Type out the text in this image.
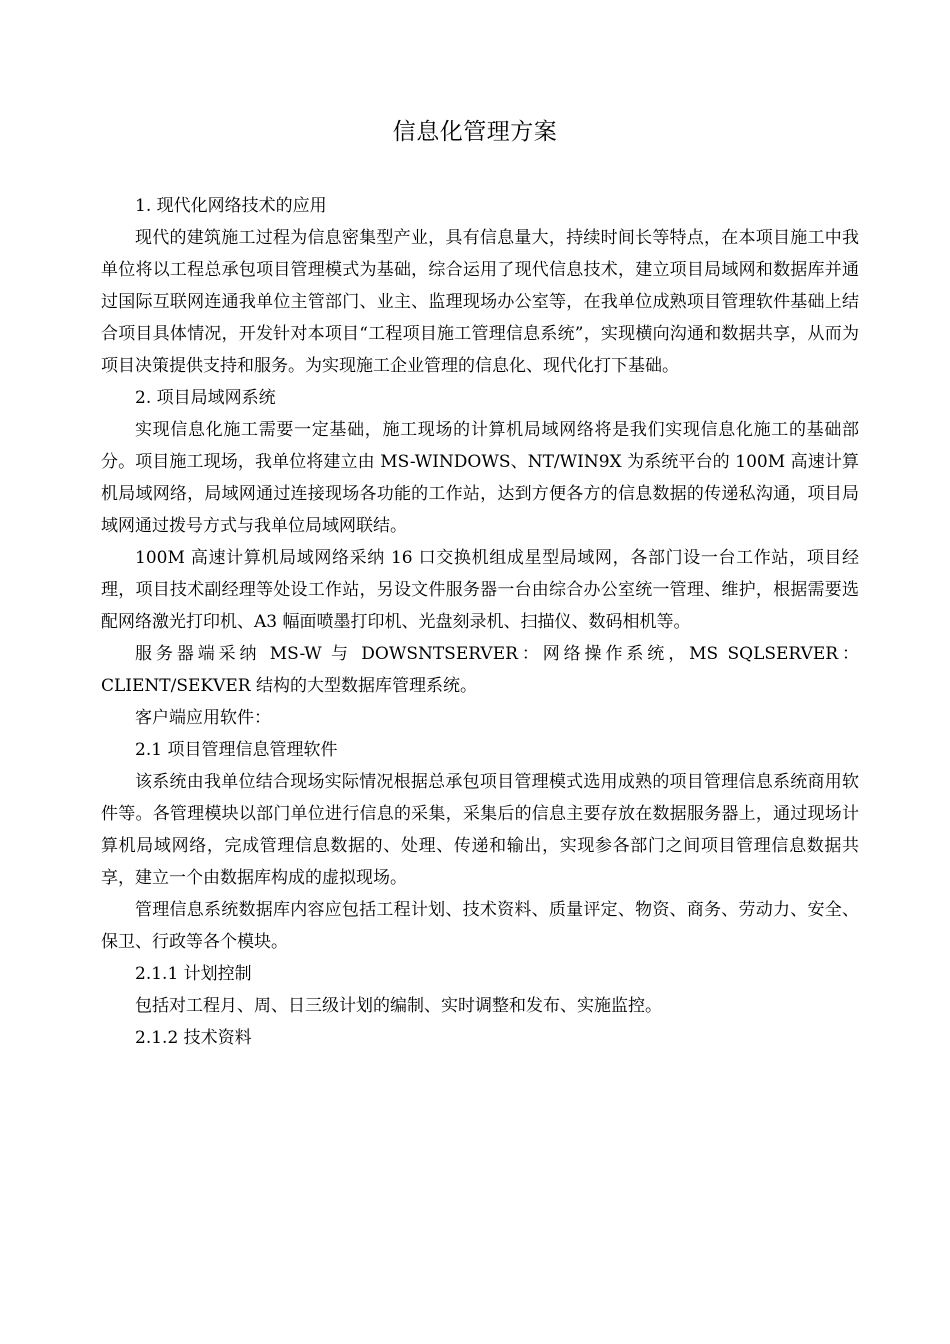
信息化管理方案

1. 现代化网络技术的应用

现代的建筑施工过程为信息密集型产业，具有信息量大，持续时间长等特点，在本项目施工中我单位将以工程总承包项目管理模式为基础，综合运用了现代信息技术，建立项目局域网和数据库并通过国际互联网连通我单位主管部门、业主、监理现场办公室等，在我单位成熟项目管理软件基础上结合项目具体情况，开发针对本项目“工程项目施工管理信息系统”，实现横向沟通和数据共享，从而为项目决策提供支持和服务。为实现施工企业管理的信息化、现代化打下基础。

2. 项目局域网系统

实现信息化施工需要一定基础，施工现场的计算机局域网络将是我们实现信息化施工的基础部分。项目施工现场，我单位将建立由 MS-WINDOWS、NT/WIN9X 为系统平台的 100M 高速计算机局域网络，局域网通过连接现场各功能的工作站，达到方便各方的信息数据的传递私沟通，项目局域网通过拨号方式与我单位局域网联结。

100M 高速计算机局域网络采纳 16 口交换机组成星型局域网，各部门设一台工作站，项目经理，项目技术副经理等处设工作站，另设文件服务器一台由综合办公室统一管理、维护，根据需要选配网络激光打印机、A3 幅面喷墨打印机、光盘刻录机、扫描仪、数码相机等。

服务器端采纳 MS-W 与 DOWSNTSERVER：网络操作系统，MS SQLSERVER：CLIENT/SEKVER 结构的大型数据库管理系统。

客户端应用软件：

2.1 项目管理信息管理软件

该系统由我单位结合现场实际情况根据总承包项目管理模式选用成熟的项目管理信息系统商用软件等。各管理模块以部门单位进行信息的采集，采集后的信息主要存放在数据服务器上，通过现场计算机局域网络，完成管理信息数据的、处理、传递和输出，实现参各部门之间项目管理信息数据共享，建立一个由数据库构成的虚拟现场。

管理信息系统数据库内容应包括工程计划、技术资料、质量评定、物资、商务、劳动力、安全、保卫、行政等各个模块。

2.1.1 计划控制

包括对工程月、周、日三级计划的编制、实时调整和发布、实施监控。

2.1.2 技术资料
